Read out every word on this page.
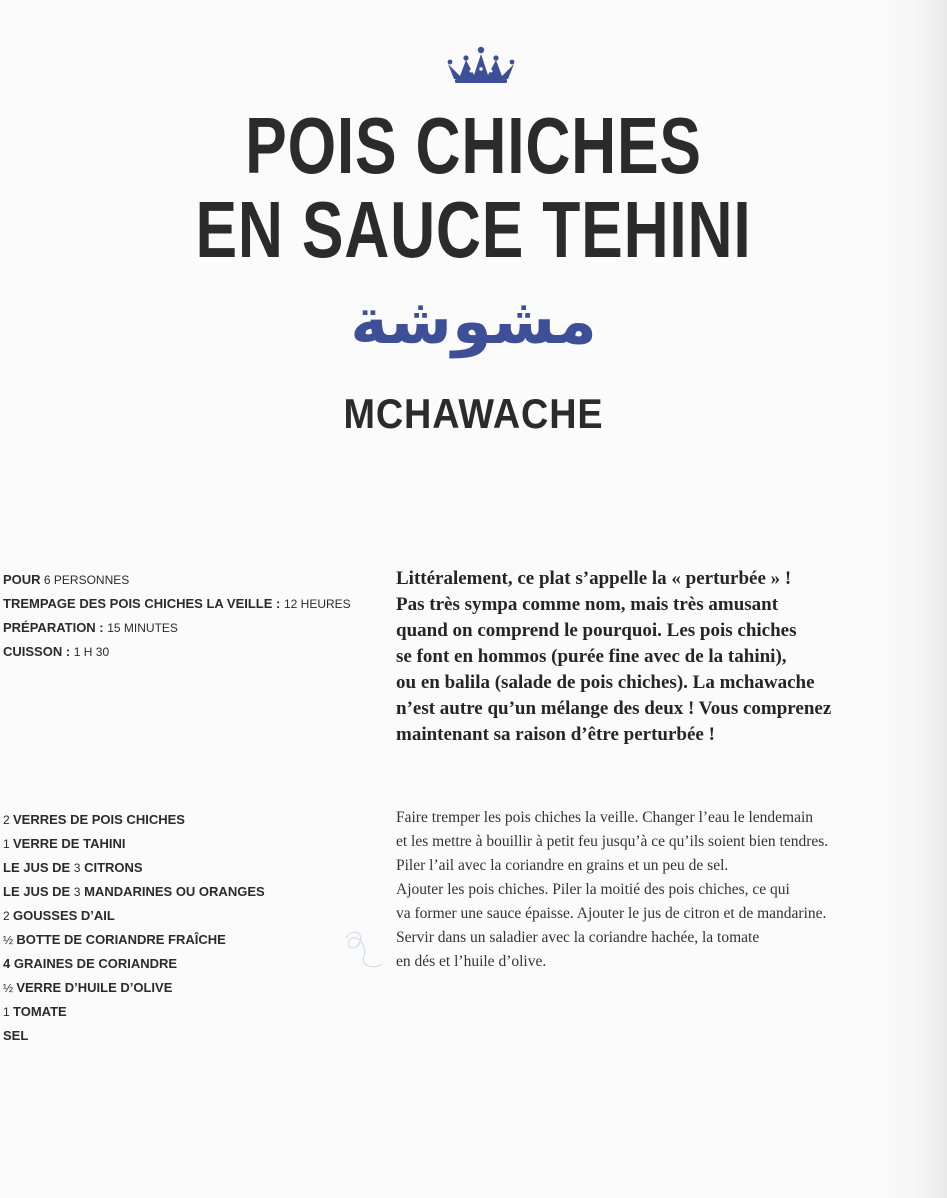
POIS CHICHES
EN SAUCE TEHINI
مشوشة
MCHAWACHE
POUR 6 PERSONNES
TREMPAGE DES POIS CHICHES LA VEILLE : 12 HEURES
PRÉPARATION : 15 MINUTES
CUISSON : 1 H 30
Littéralement, ce plat s’appelle la « perturbée » !
Pas très sympa comme nom, mais très amusant
quand on comprend le pourquoi. Les pois chiches
se font en hommos (purée fine avec de la tahini),
ou en balila (salade de pois chiches). La mchawache
n’est autre qu’un mélange des deux ! Vous comprenez
maintenant sa raison d’être perturbée !
2 VERRES DE POIS CHICHES
1 VERRE DE TAHINI
LE JUS DE 3 CITRONS
LE JUS DE 3 MANDARINES OU ORANGES
2 GOUSSES D’AIL
½ BOTTE DE CORIANDRE FRAÎCHE
4 GRAINES DE CORIANDRE
½ VERRE D’HUILE D’OLIVE
1 TOMATE
SEL
Faire tremper les pois chiches la veille. Changer l’eau le lendemain
et les mettre à bouillir à petit feu jusqu’à ce qu’ils soient bien tendres.
Piler l’ail avec la coriandre en grains et un peu de sel.
Ajouter les pois chiches. Piler la moitié des pois chiches, ce qui
va former une sauce épaisse. Ajouter le jus de citron et de mandarine.
Servir dans un saladier avec la coriandre hachée, la tomate
en dés et l’huile d’olive.
